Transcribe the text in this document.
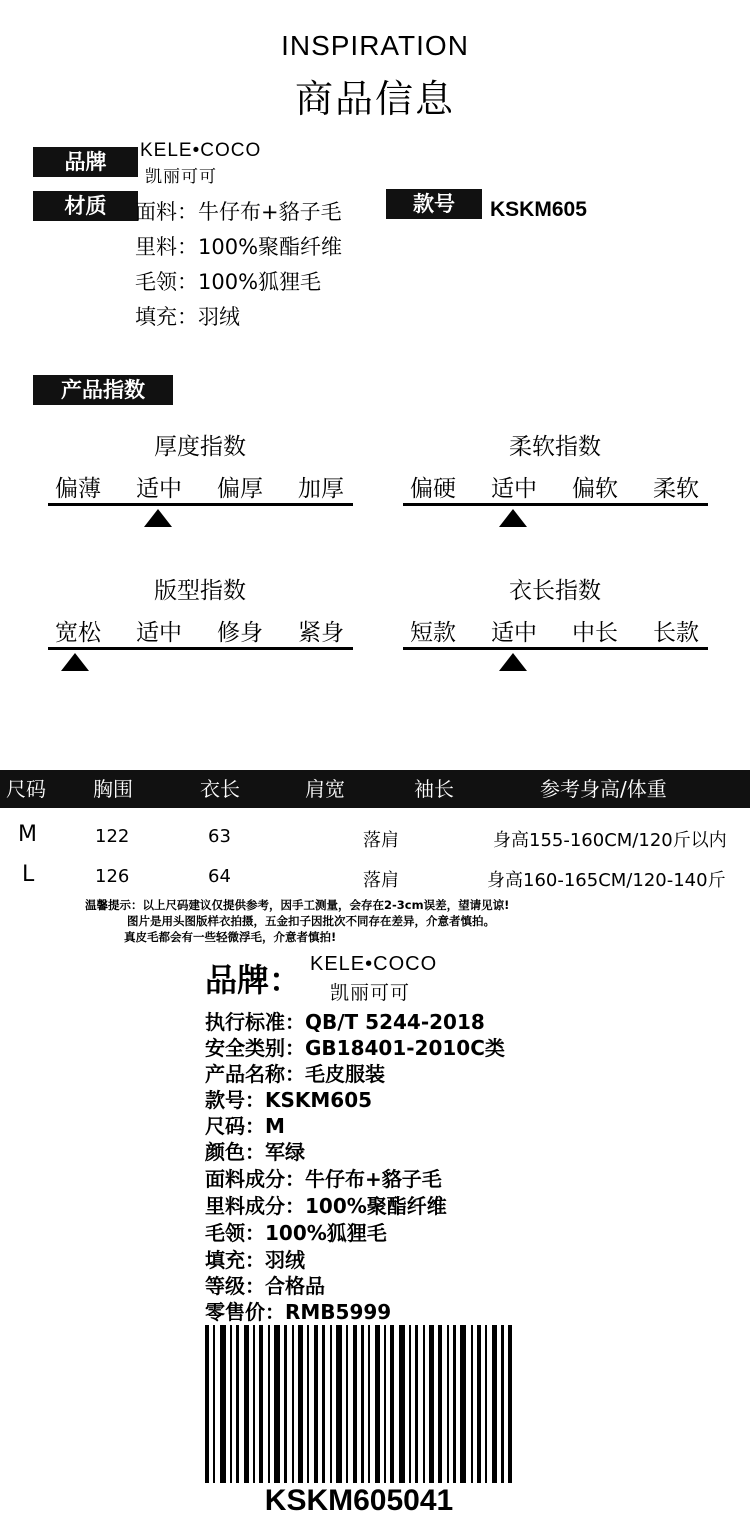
INSPIRATION
商品信息
品牌	KELE•COCO
凯丽可可
材质	面料：牛仔布+貉子毛
里料：100%聚酯纤维
毛领：100%狐狸毛
填充：羽绒
款号	KSKM605
产品指数
厚度指数
偏薄	适中	偏厚	加厚
柔软指数
偏硬	适中	偏软	柔软
版型指数
宽松	适中	修身	紧身
衣长指数
短款	适中	中长	长款
尺码 胸围	衣长	肩宽	袖长	参考身高/体重
M	122	63	落肩	身高155-160CM/120斤以内
L	126	64	落肩	身高160-165CM/120-140斤
温馨提示：以上尺码建议仅提供参考，因手工测量，会存在2-3cm误差，望请见谅!
图片是用头图版样衣拍摄，五金扣子因批次不同存在差异，介意者慎拍。
真皮毛都会有一些轻微浮毛，介意者慎拍!
品牌： KELE•COCO
凯丽可可
执行标准：QB/T 5244-2018
安全类别：GB18401-2010C类
产品名称：毛皮服装
款号：KSKM605
尺码：M
颜色：军绿
面料成分：牛仔布+貉子毛
里料成分：100%聚酯纤维
毛领：100%狐狸毛
填充：羽绒
等级：合格品
零售价：RMB5999
KSKM605041
